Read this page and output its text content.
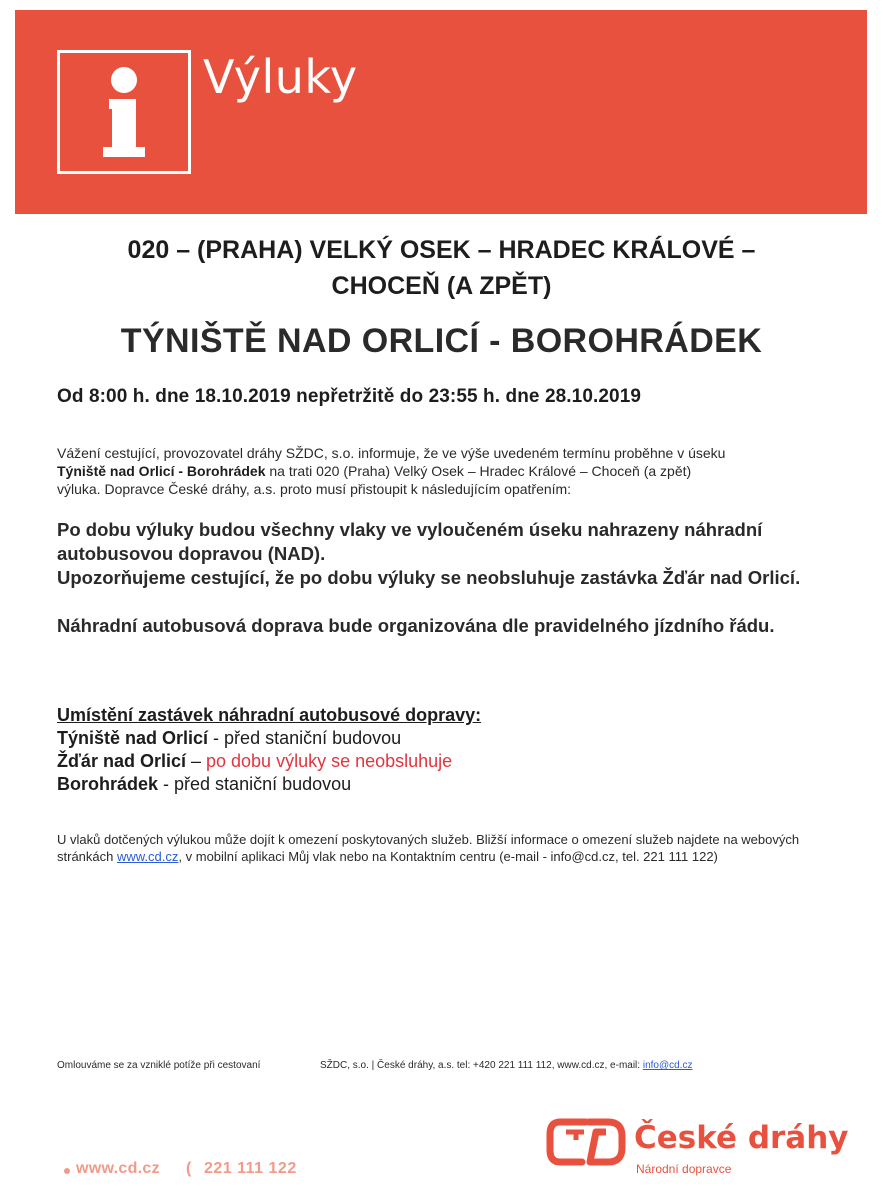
Výluky
020 – (PRAHA) VELKÝ OSEK – HRADEC KRÁLOVÉ –
CHOCEŇ (A ZPĚT)
TÝNIŠTĚ NAD ORLICÍ - BOROHRÁDEK
Od 8:00 h. dne 18.10.2019 nepřetržitě do 23:55 h. dne 28.10.2019
Vážení cestující, provozovatel dráhy SŽDC, s.o. informuje, že ve výše uvedeném termínu proběhne v úseku
Týniště nad Orlicí - Borohrádek na trati 020 (Praha) Velký Osek – Hradec Králové – Choceň (a zpět)
výluka. Dopravce České dráhy, a.s. proto musí přistoupit k následujícím opatřením:

Po dobu výluky budou všechny vlaky ve vyloučeném úseku nahrazeny náhradní autobusovou dopravou (NAD).

Upozorňujeme cestující, že po dobu výluky se neobsluhuje zastávka Žďár nad Orlicí.

Náhradní autobusová doprava bude organizována dle pravidelného jízdního řádu.

Umístění zastávek náhradní autobusové dopravy:
Týniště nad Orlicí - před staniční budovou
Žďár nad Orlicí – po dobu výluky se neobsluhuje
Borohrádek - před staniční budovou
U vlaků dotčených výlukou může dojít k omezení poskytovaných služeb. Bližší informace o omezení služeb najdete na webových stránkách www.cd.cz, v mobilní aplikaci Můj vlak nebo na Kontaktním centru (e-mail - info@cd.cz, tel. 221 111 122)
Omlouváme se za vzniklé potíže při cestovaní	SŽDC, s.o. | České dráhy, a.s. tel: +420 221 111 112, www.cd.cz, e-mail: info@cd.cz
České dráhy
Národní dopravce
www.cd.cz ( 221 111 122
